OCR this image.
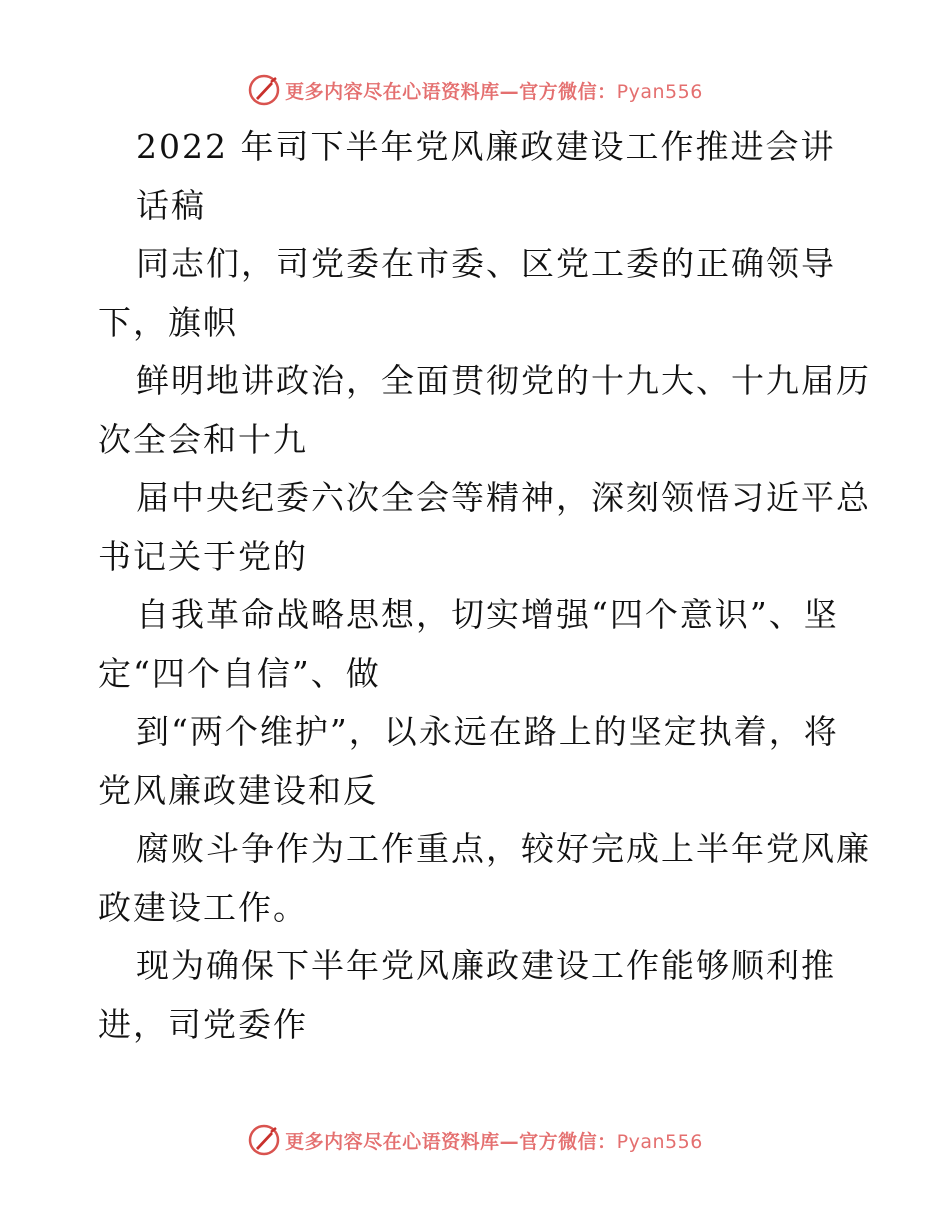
更多内容尽在心语资料库—官方微信：Pyan556
2022 年司下半年党风廉政建设工作推进会讲
话稿
同志们，司党委在市委、区党工委的正确领导
下，旗帜
鲜明地讲政治，全面贯彻党的十九大、十九届历
次全会和十九
届中央纪委六次全会等精神，深刻领悟习近平总
书记关于党的
自我革命战略思想，切实增强“四个意识”、坚
定“四个自信”、做
到“两个维护”，以永远在路上的坚定执着，将
党风廉政建设和反
腐败斗争作为工作重点，较好完成上半年党风廉
政建设工作。
现为确保下半年党风廉政建设工作能够顺利推
进，司党委作
更多内容尽在心语资料库—官方微信：Pyan556
